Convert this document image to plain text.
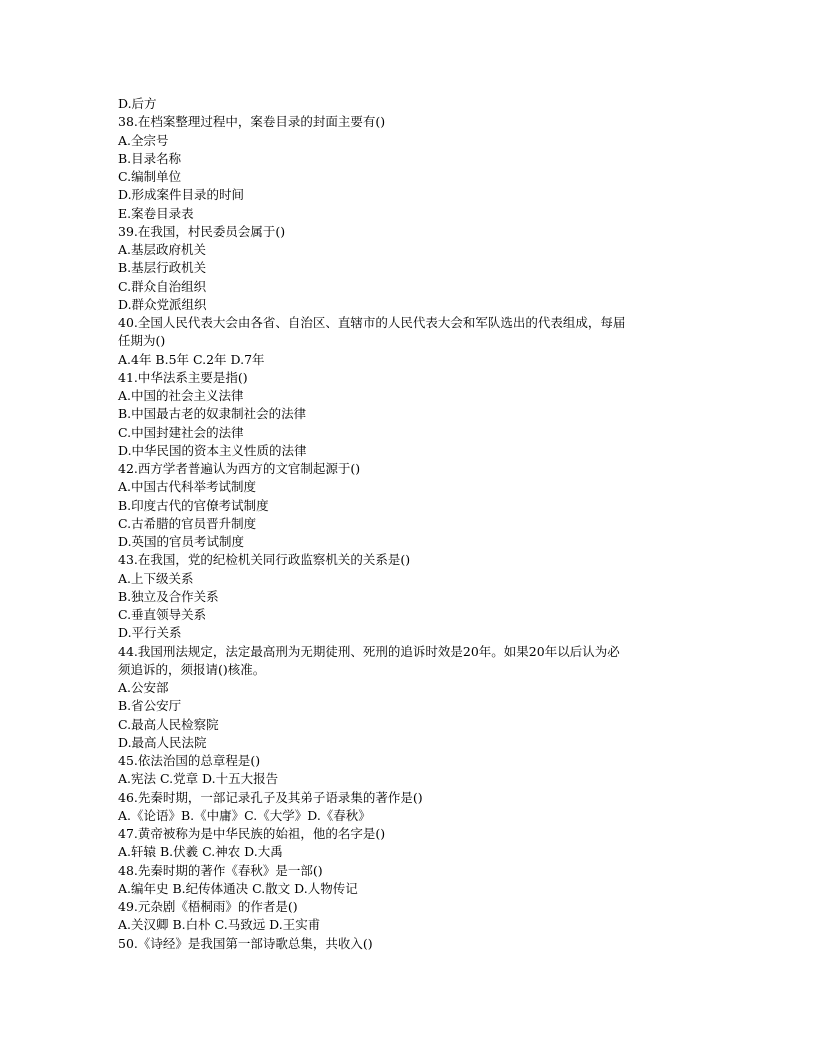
D.后方
38.在档案整理过程中，案卷目录的封面主要有()
A.全宗号
B.目录名称
C.编制单位
D.形成案件目录的时间
E.案卷目录表
39.在我国，村民委员会属于()
A.基层政府机关
B.基层行政机关
C.群众自治组织
D.群众党派组织
40.全国人民代表大会由各省、自治区、直辖市的人民代表大会和军队选出的代表组成，每届
任期为()
A.4年 B.5年 C.2年 D.7年
41.中华法系主要是指()
A.中国的社会主义法律
B.中国最古老的奴隶制社会的法律
C.中国封建社会的法律
D.中华民国的资本主义性质的法律
42.西方学者普遍认为西方的文官制起源于()
A.中国古代科举考试制度
B.印度古代的官僚考试制度
C.古希腊的官员晋升制度
D.英国的官员考试制度
43.在我国，党的纪检机关同行政监察机关的关系是()
A.上下级关系
B.独立及合作关系
C.垂直领导关系
D.平行关系
44.我国刑法规定，法定最高刑为无期徒刑、死刑的追诉时效是20年。如果20年以后认为必
须追诉的，须报请()核准。
A.公安部
B.省公安厅
C.最高人民检察院
D.最高人民法院
45.依法治国的总章程是()
A.宪法 C.党章 D.十五大报告
46.先秦时期，一部记录孔子及其弟子语录集的著作是()
A.《论语》B.《中庸》C.《大学》D.《春秋》
47.黄帝被称为是中华民族的始祖，他的名字是()
A.轩辕 B.伏羲 C.神农 D.大禹
48.先秦时期的著作《春秋》是一部()
A.编年史 B.纪传体通决 C.散文 D.人物传记
49.元杂剧《梧桐雨》的作者是()
A.关汉卿 B.白朴 C.马致远 D.王实甫
50.《诗经》是我国第一部诗歌总集，共收入()
